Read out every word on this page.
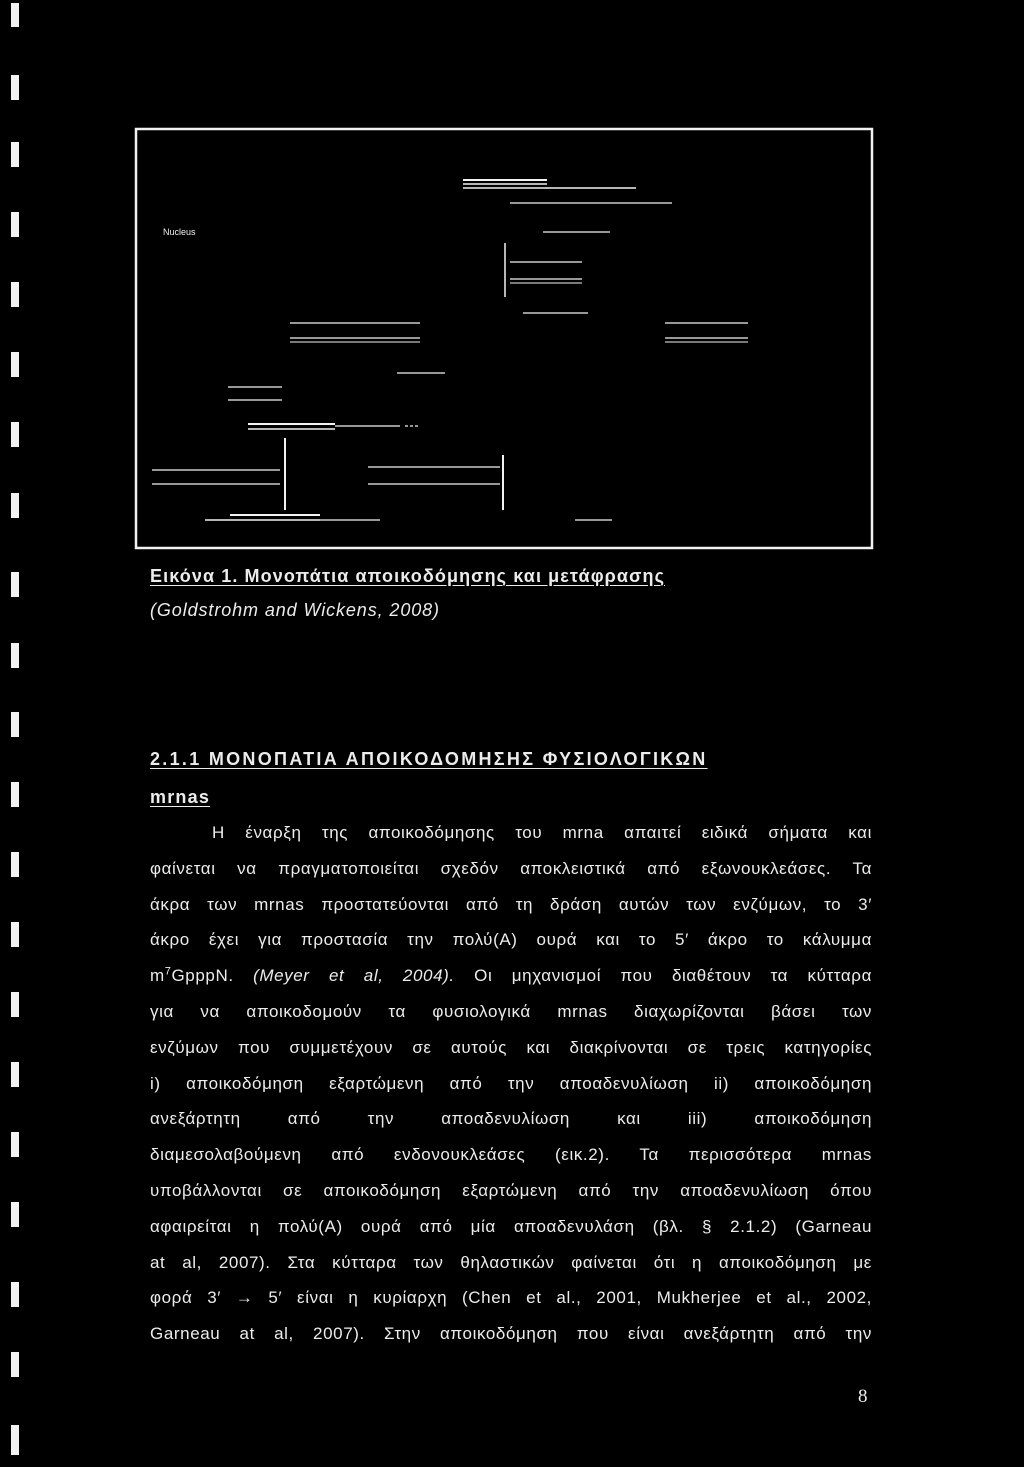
Nucleus
Εικόνα 1. Μονοπάτια αποικοδόμησης και μετάφρασης
(Goldstrohm and Wickens, 2008)
2.1.1 ΜΟΝΟΠΑΤΙΑ ΑΠΟΙΚΟΔΟΜΗΣΗΣ ΦΥΣΙΟΛΟΓΙΚΩΝ
mrnas
Η έναρξη της αποικοδόμησης του mrna απαιτεί ειδικά σήματα και
φαίνεται να πραγματοποιείται σχεδόν αποκλειστικά από εξωνουκλεάσες. Τα
άκρα των mrnas προστατεύονται από τη δράση αυτών των ενζύμων, το 3′
άκρο έχει για προστασία την πολύ(Α) ουρά και το 5′ άκρο το κάλυμμα
$m^7GpppN$. (Meyer et al, 2004). Οι μηχανισμοί που διαθέτουν τα κύτταρα
για να αποικοδομούν τα φυσιολογικά mrnas διαχωρίζονται βάσει των
ενζύμων που συμμετέχουν σε αυτούς και διακρίνονται σε τρεις κατηγορίες
i) αποικοδόμηση εξαρτώμενη από την αποαδενυλίωση ii) αποικοδόμηση
ανεξάρτητη από την αποαδενυλίωση και iii) αποικοδόμηση
διαμεσολαβούμενη από ενδονουκλεάσες (εικ.2). Τα περισσότερα mrnas
υποβάλλονται σε αποικοδόμηση εξαρτώμενη από την αποαδενυλίωση όπου
αφαιρείται η πολύ(Α) ουρά από μία αποαδενυλάση (βλ. § 2.1.2) (Garneau
at al, 2007). Στα κύτταρα των θηλαστικών φαίνεται ότι η αποικοδόμηση με
φορά 3′ → 5′ είναι η κυρίαρχη (Chen et al., 2001, Mukherjee et al., 2002,
Garneau at al, 2007). Στην αποικοδόμηση που είναι ανεξάρτητη από την
8
